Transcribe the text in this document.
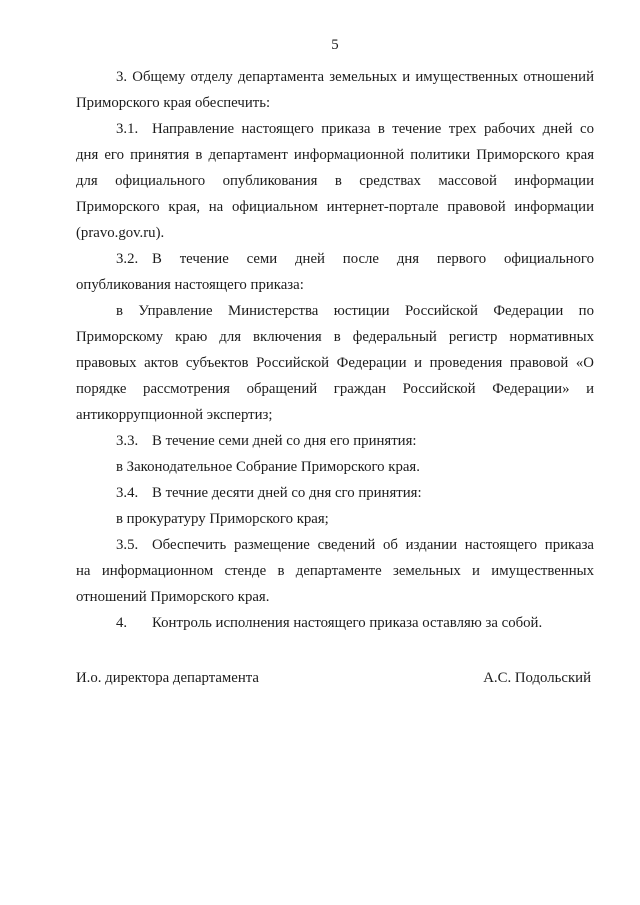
5
3. Общему отделу департамента земельных и имущественных отношений
Приморского края обеспечить:
3.1. Направление настоящего приказа в течение трех рабочих дней со
дня его принятия в департамент информационной политики Приморского края
для официального опубликования в средствах массовой информации
Приморского края, на официальном интернет-портале правовой информации
(pravo.gov.ru).
3.2. В течение семи дней после дня первого официального
опубликования настоящего приказа:
в Управление Министерства юстиции Российской Федерации по
Приморскому краю для включения в федеральный регистр нормативных
правовых актов субъектов Российской Федерации и проведения правовой «О
порядке рассмотрения обращений граждан Российской Федерации» и
антикоррупционной экспертиз;
3.3. В течение семи дней со дня его принятия:
в Законодательное Собрание Приморского края.
3.4. В течние десяти дней со дня сго принятия:
в прокуратуру Приморского края;
3.5. Обеспечить размещение сведений об издании настоящего приказа
на информационном стенде в департаменте земельных и имущественных
отношений Приморского края.
4.	Контроль исполнения настоящего приказа оставляю за собой.
И.о. директора департамента	А.С. Подольский
